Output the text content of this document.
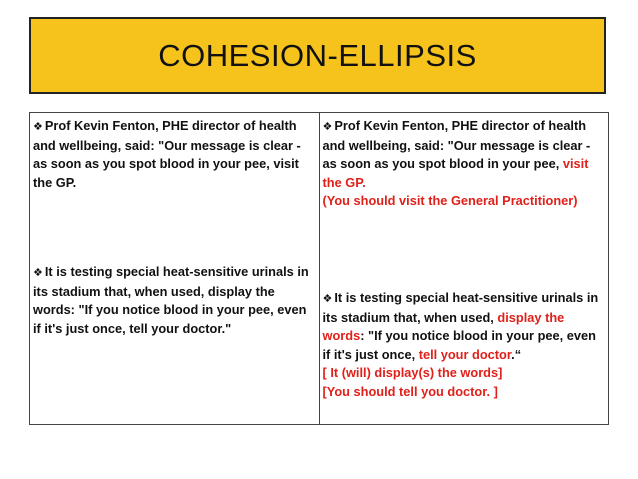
COHESION-ELLIPSIS

❖ Prof Kevin Fenton, PHE director of health and wellbeing, said: "Our message is clear - as soon as you spot blood in your pee, visit the GP.

❖ It is testing special heat-sensitive urinals in its stadium that, when used, display the words: "If you notice blood in your pee, even if it's just once, tell your doctor."

❖ Prof Kevin Fenton, PHE director of health and wellbeing, said: "Our message is clear - as soon as you spot blood in your pee, visit the GP.
(You should visit the General Practitioner)

❖ It is testing special heat-sensitive urinals in its stadium that, when used, display the words: "If you notice blood in your pee, even if it's just once, tell your doctor.“
[ It (will) display(s) the words]
[You should tell you doctor. ]
